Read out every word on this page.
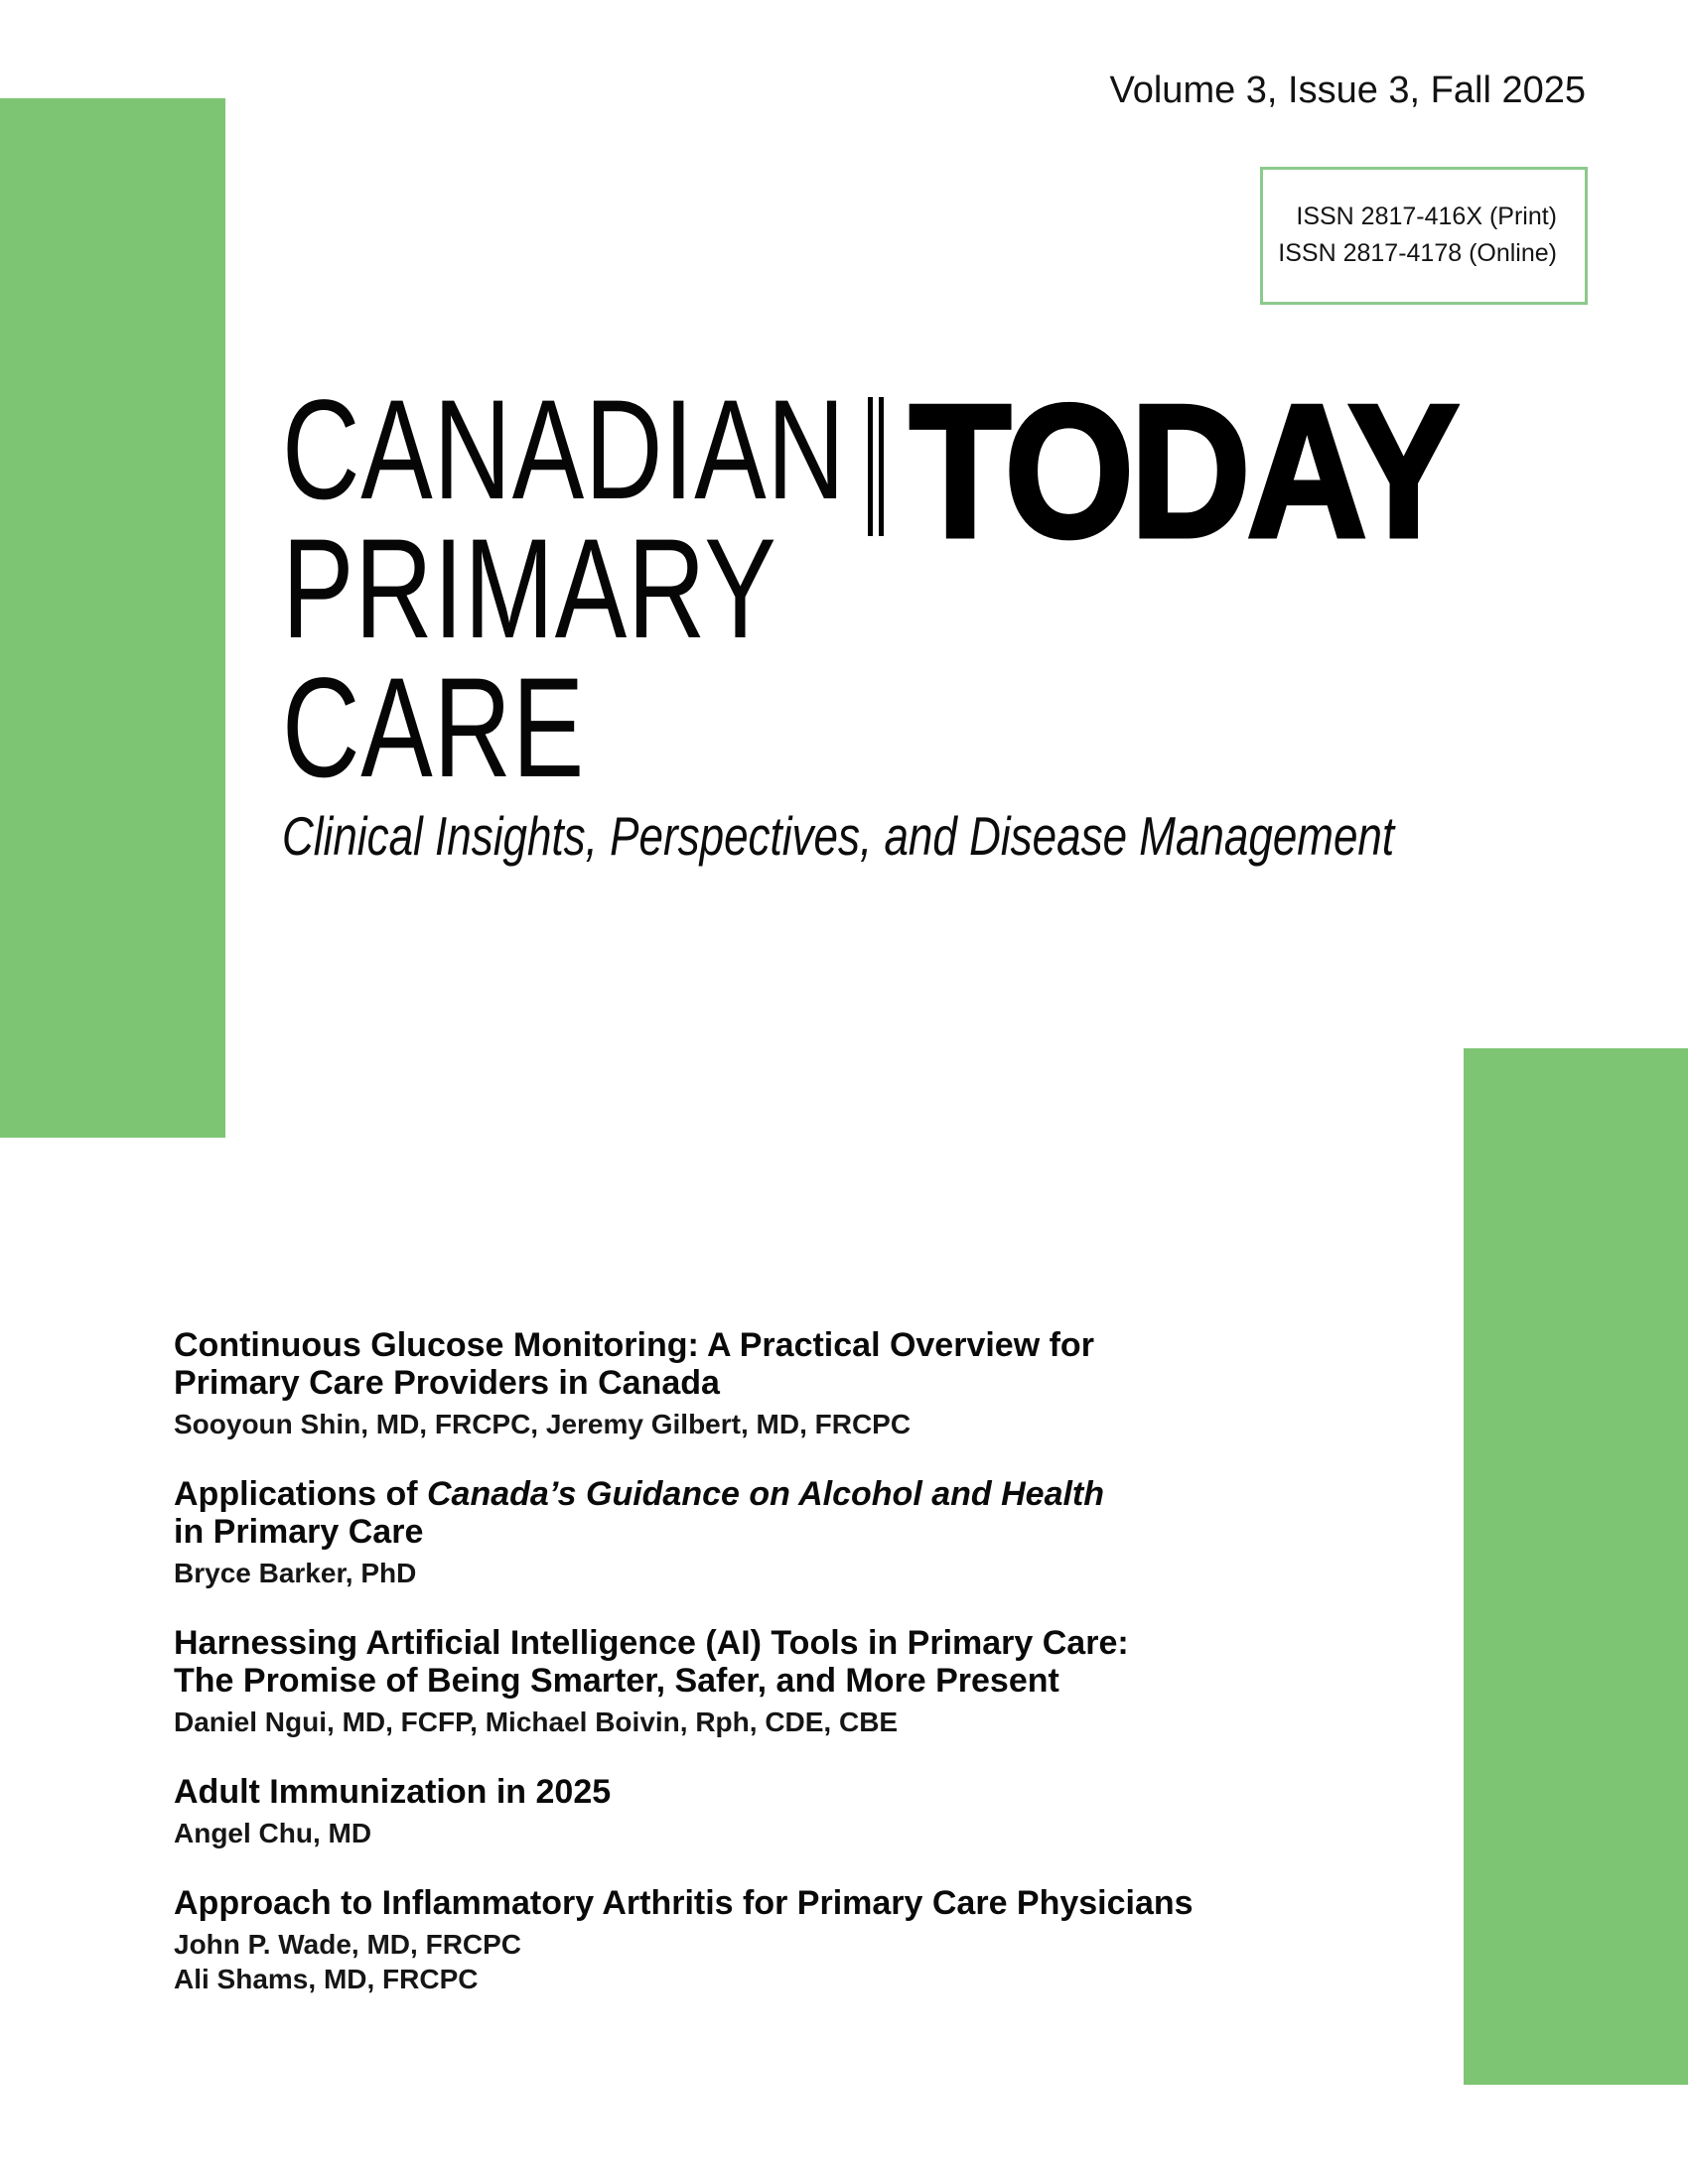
Volume 3, Issue 3, Fall 2025
ISSN 2817-416X (Print)
ISSN 2817-4178 (Online)
CANADIAN
PRIMARY
CARE
TODAY
Clinical Insights, Perspectives, and Disease Management
Continuous Glucose Monitoring: A Practical Overview for
Primary Care Providers in Canada
Sooyoun Shin, MD, FRCPC, Jeremy Gilbert, MD, FRCPC
Applications of Canada’s Guidance on Alcohol and Health
in Primary Care
Bryce Barker, PhD
Harnessing Artificial Intelligence (AI) Tools in Primary Care:
The Promise of Being Smarter, Safer, and More Present
Daniel Ngui, MD, FCFP, Michael Boivin, Rph, CDE, CBE
Adult Immunization in 2025
Angel Chu, MD
Approach to Inflammatory Arthritis for Primary Care Physicians
John P. Wade, MD, FRCPC
Ali Shams, MD, FRCPC
